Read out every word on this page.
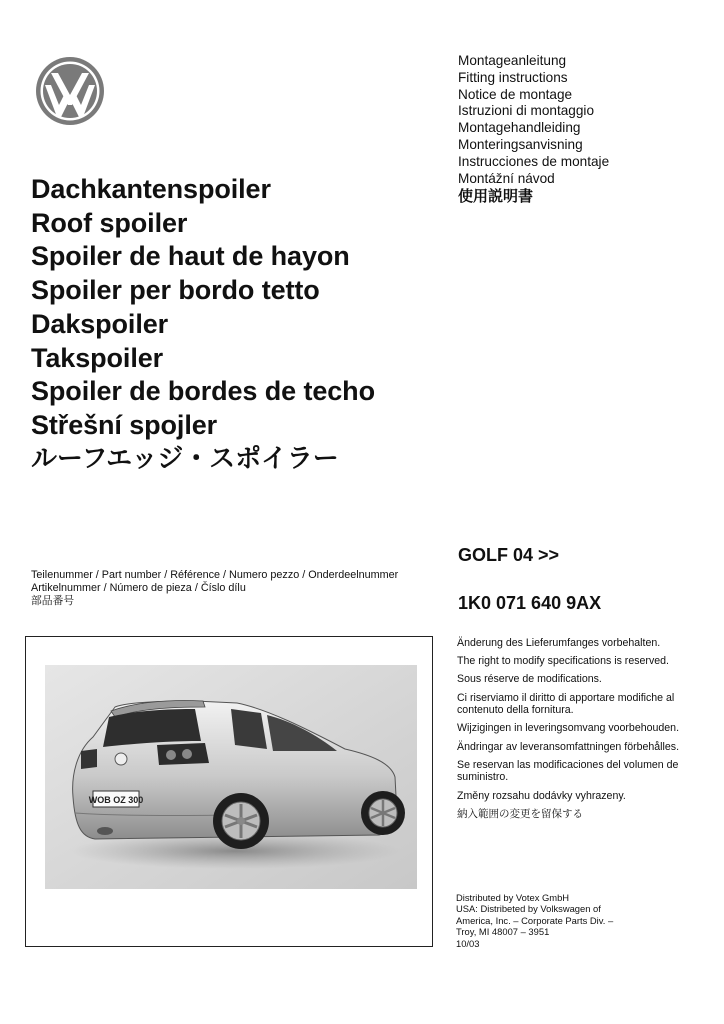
Montageanleitung
Fitting instructions
Notice de montage
Istruzioni di montaggio
Montagehandleiding
Monteringsanvisning
Instrucciones de montaje
Montážní návod
使用説明書
Dachkantenspoiler
Roof spoiler
Spoiler de haut de hayon
Spoiler per bordo tetto
Dakspoiler
Takspoiler
Spoiler de bordes de techo
Střešní spojler
ルーフエッジ・スポイラー
GOLF 04 >>
Teilenummer / Part number / Référence / Numero pezzo / Onderdeelnummer
Artikelnummer / Número de pieza / Číslo dílu
部品番号	1K0 071 640 9AX
WOB OZ 300
Änderung des Lieferumfanges vorbehalten.
The right to modify specifications is reserved.
Sous réserve de modifications.
Ci riserviamo il diritto di apportare modifiche al contenuto della fornitura.
Wijzigingen in leveringsomvang voorbehouden.
Ändringar av leveransomfattningen förbehålles.
Se reservan las modificaciones del volumen de suministro.
Změny rozsahu dodávky vyhrazeny.
納入範囲の変更を留保する
Distributed by Votex GmbH
USA: Distribeted by Volkswagen of
America, Inc. – Corporate Parts Div. –
Troy, MI 48007 – 3951
10/03
